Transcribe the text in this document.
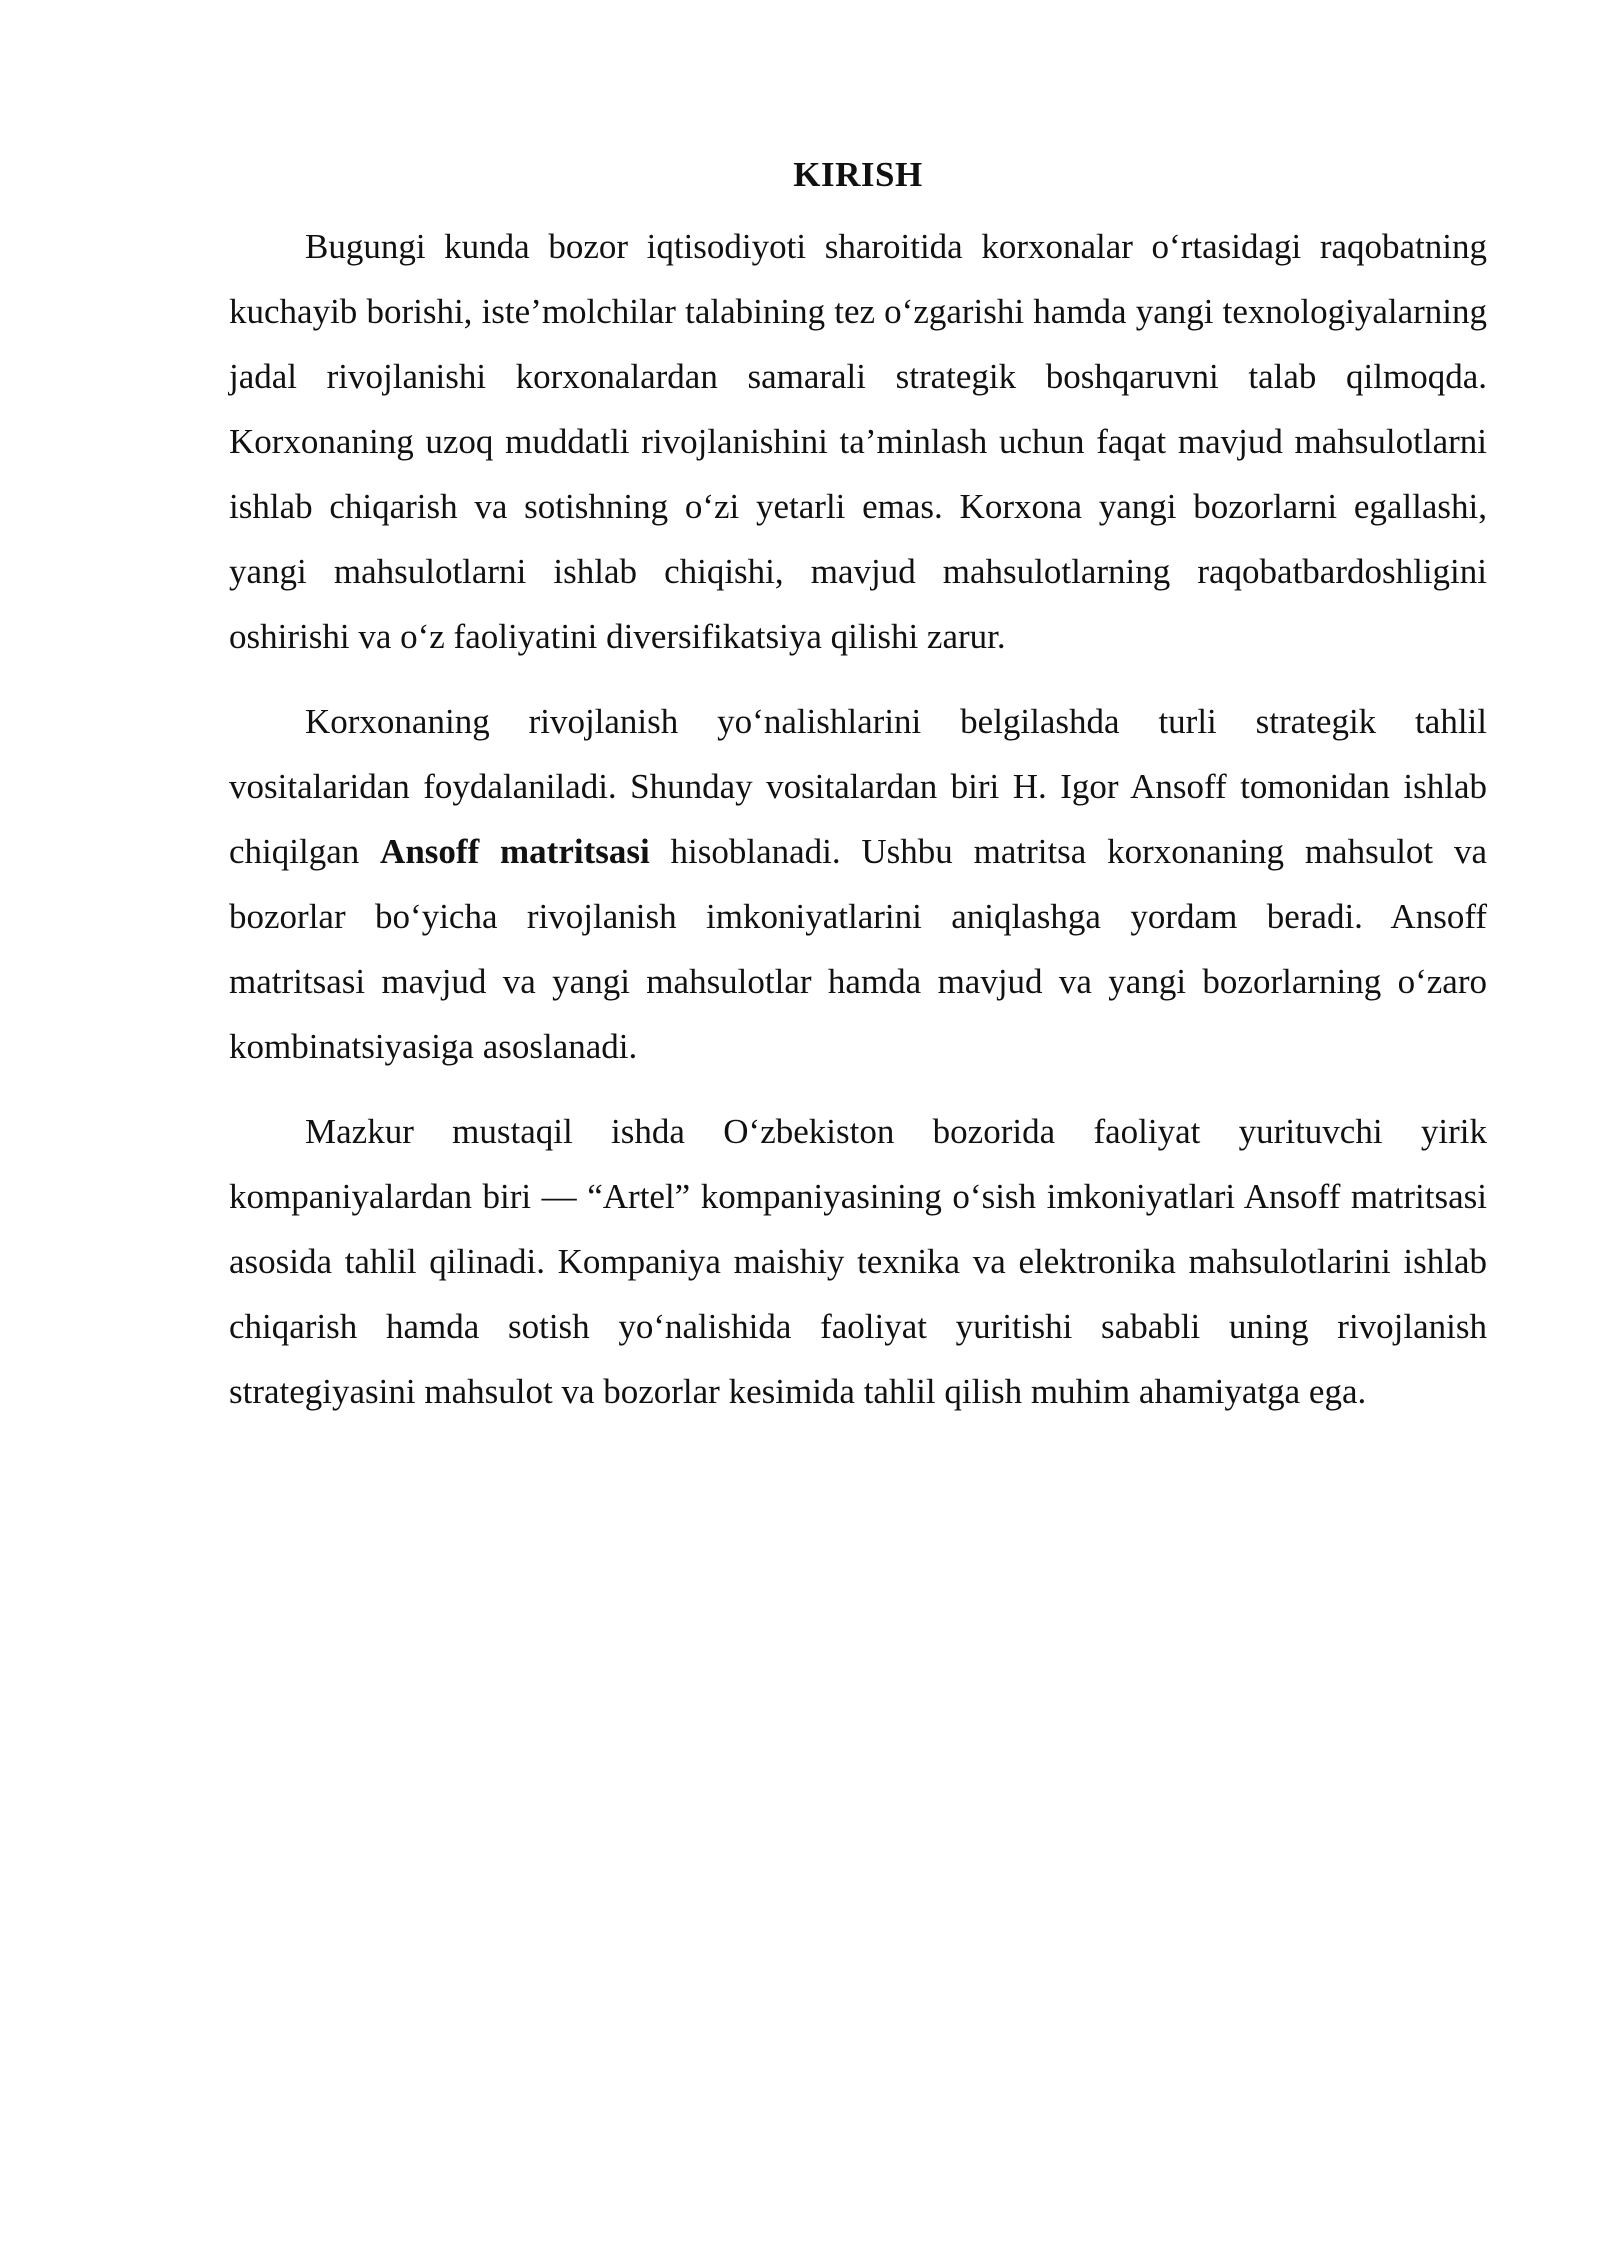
KIRISH

Bugungi kunda bozor iqtisodiyoti sharoitida korxonalar o‘rtasidagi raqobatning kuchayib borishi, iste’molchilar talabining tez o‘zgarishi hamda yangi texnologiyalarning jadal rivojlanishi korxonalardan samarali strategik boshqaruvni talab qilmoqda. Korxonaning uzoq muddatli rivojlanishini ta’minlash uchun faqat mavjud mahsulotlarni ishlab chiqarish va sotishning o‘zi yetarli emas. Korxona yangi bozorlarni egallashi, yangi mahsulotlarni ishlab chiqishi, mavjud mahsulotlarning raqobatbardoshligini oshirishi va o‘z faoliyatini diversifikatsiya qilishi zarur.

Korxonaning rivojlanish yo‘nalishlarini belgilashda turli strategik tahlil vositalaridan foydalaniladi. Shunday vositalardan biri H. Igor Ansoff tomonidan ishlab chiqilgan Ansoff matritsasi hisoblanadi. Ushbu matritsa korxonaning mahsulot va bozorlar bo‘yicha rivojlanish imkoniyatlarini aniqlashga yordam beradi. Ansoff matritsasi mavjud va yangi mahsulotlar hamda mavjud va yangi bozorlarning o‘zaro kombinatsiyasiga asoslanadi.

Mazkur mustaqil ishda O‘zbekiston bozorida faoliyat yurituvchi yirik kompaniyalardan biri — “Artel” kompaniyasining o‘sish imkoniyatlari Ansoff matritsasi asosida tahlil qilinadi. Kompaniya maishiy texnika va elektronika mahsulotlarini ishlab chiqarish hamda sotish yo‘nalishida faoliyat yuritishi sababli uning rivojlanish strategiyasini mahsulot va bozorlar kesimida tahlil qilish muhim ahamiyatga ega.
